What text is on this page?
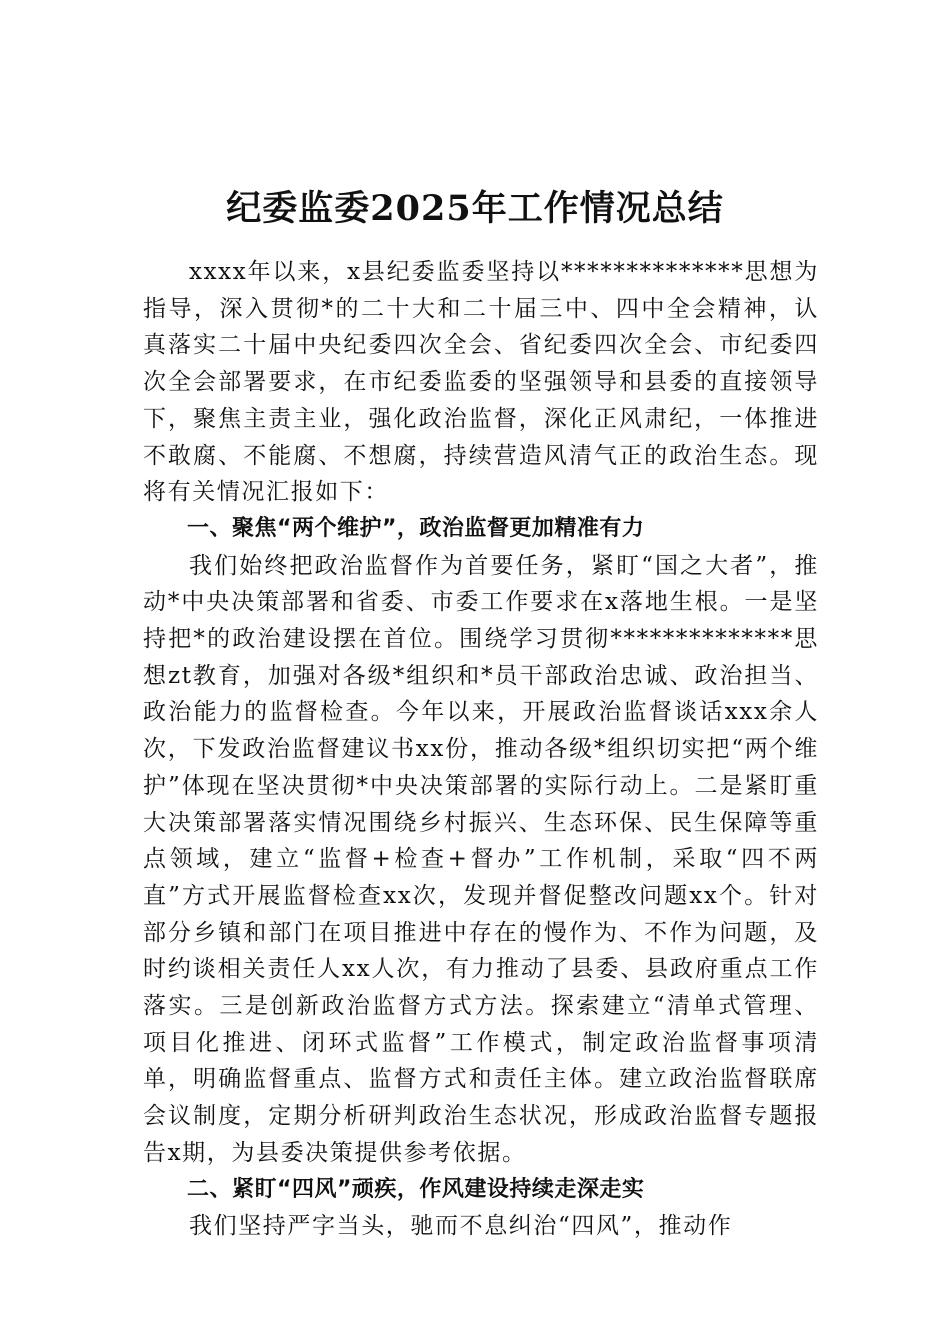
纪委监委2025年工作情况总结

xxxx年以来，x县纪委监委坚持以**************思想为指导，深入贯彻*的二十大和二十届三中、四中全会精神，认真落实二十届中央纪委四次全会、省纪委四次全会、市纪委四次全会部署要求，在市纪委监委的坚强领导和县委的直接领导下，聚焦主责主业，强化政治监督，深化正风肃纪，一体推进不敢腐、不能腐、不想腐，持续营造风清气正的政治生态。现将有关情况汇报如下：

一、聚焦“两个维护”，政治监督更加精准有力

我们始终把政治监督作为首要任务，紧盯“国之大者”，推动*中央决策部署和省委、市委工作要求在x落地生根。一是坚持把*的政治建设摆在首位。围绕学习贯彻**************思想zt教育，加强对各级*组织和*员干部政治忠诚、政治担当、政治能力的监督检查。今年以来，开展政治监督谈话xxx余人次，下发政治监督建议书xx份，推动各级*组织切实把“两个维护”体现在坚决贯彻*中央决策部署的实际行动上。二是紧盯重大决策部署落实情况围绕乡村振兴、生态环保、民生保障等重点领域，建立“监督+检查+督办”工作机制，采取“四不两直”方式开展监督检查xx次，发现并督促整改问题xx个。针对部分乡镇和部门在项目推进中存在的慢作为、不作为问题，及时约谈相关责任人xx人次，有力推动了县委、县政府重点工作落实。三是创新政治监督方式方法。探索建立“清单式管理、项目化推进、闭环式监督”工作模式，制定政治监督事项清单，明确监督重点、监督方式和责任主体。建立政治监督联席会议制度，定期分析研判政治生态状况，形成政治监督专题报告x期，为县委决策提供参考依据。

二、紧盯“四风”顽疾，作风建设持续走深走实

我们坚持严字当头，驰而不息纠治“四风”，推动作
